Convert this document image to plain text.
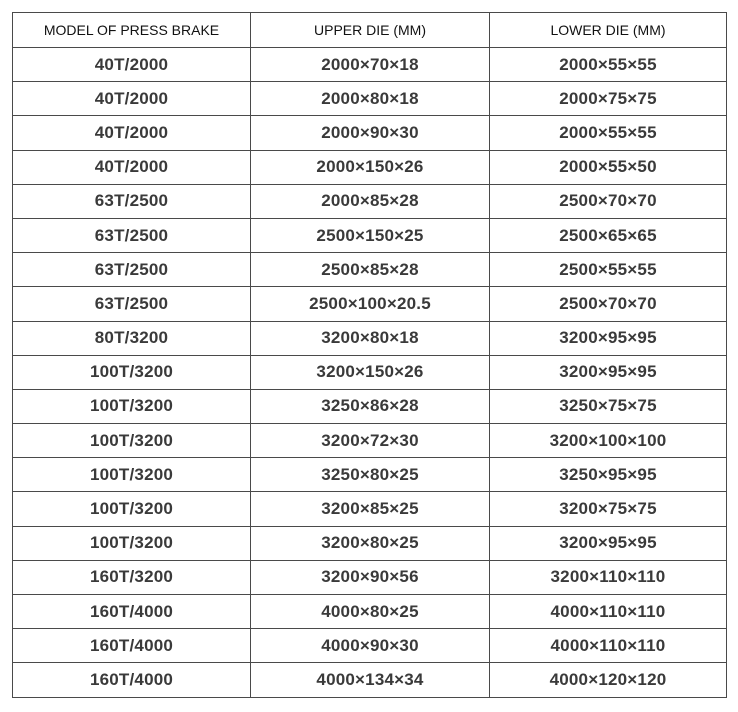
MODEL OF PRESS BRAKE	UPPER DIE (MM)	LOWER DIE (MM)
40T/2000	2000×70×18	2000×55×55
40T/2000	2000×80×18	2000×75×75
40T/2000	2000×90×30	2000×55×55
40T/2000	2000×150×26	2000×55×50
63T/2500	2000×85×28	2500×70×70
63T/2500	2500×150×25	2500×65×65
63T/2500	2500×85×28	2500×55×55
63T/2500	2500×100×20.5	2500×70×70
80T/3200	3200×80×18	3200×95×95
100T/3200	3200×150×26	3200×95×95
100T/3200	3250×86×28	3250×75×75
100T/3200	3200×72×30	3200×100×100
100T/3200	3250×80×25	3250×95×95
100T/3200	3200×85×25	3200×75×75
100T/3200	3200×80×25	3200×95×95
160T/3200	3200×90×56	3200×110×110
160T/4000	4000×80×25	4000×110×110
160T/4000	4000×90×30	4000×110×110
160T/4000	4000×134×34	4000×120×120
